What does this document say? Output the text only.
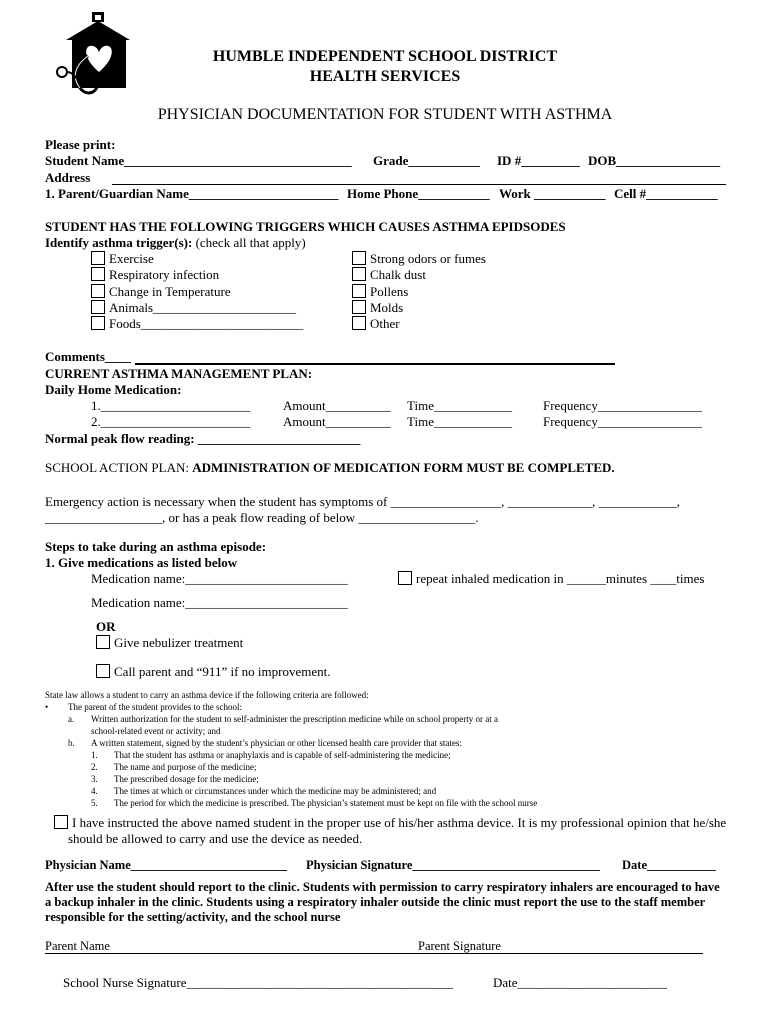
HUMBLE INDEPENDENT SCHOOL DISTRICT
HEALTH SERVICES
PHYSICIAN DOCUMENTATION FOR STUDENT WITH ASTHMA
Please print:
Student Name___________________________________ Grade___________ ID #_________ DOB________________
Address
1. Parent/Guardian Name_______________________ Home Phone___________ Work ___________ Cell #___________
STUDENT HAS THE FOLLOWING TRIGGERS WHICH CAUSES ASTHMA EPIDSODES
Identify asthma trigger(s): (check all that apply)
Exercise
Respiratory infection
Change in Temperature
Animals______________________
Foods_________________________
Strong odors or fumes
Chalk dust
Pollens
Molds
Other
Comments____
CURRENT ASTHMA MANAGEMENT PLAN:
Daily Home Medication:
1._______________________	Amount__________ Time____________ Frequency________________
2._______________________	Amount__________ Time____________ Frequency________________
Normal peak flow reading: _________________________
SCHOOL ACTION PLAN: ADMINISTRATION OF MEDICATION FORM MUST BE COMPLETED.
Emergency action is necessary when the student has symptoms of _________________, _____________, ____________,
__________________, or has a peak flow reading of below __________________.
Steps to take during an asthma episode:
1. Give medications as listed below
Medication name:_________________________	repeat inhaled medication in ______minutes ____times
Medication name:_________________________
OR
Give nebulizer treatment
Call parent and “911” if no improvement.
State law allows a student to carry an asthma device if the following criteria are followed:
• The parent of the student provides to the school:
a. Written authorization for the student to self-administer the prescription medicine while on school property or at a
school-related event or activity; and
b. A written statement, signed by the student’s physician or other licensed health care provider that states:
1. That the student has asthma or anaphylaxis and is capable of self-administering the medicine;
2. The name and purpose of the medicine;
3. The prescribed dosage for the medicine;
4. The times at which or circumstances under which the medicine may be administered; and
5. The period for which the medicine is prescribed. The physician’s statement must be kept on file with the school nurse
I have instructed the above named student in the proper use of his/her asthma device. It is my professional opinion that he/she
should be allowed to carry and use the device as needed.
Physician Name_________________________ Physician Signature______________________________ Date___________
After use the student should report to the clinic. Students with permission to carry respiratory inhalers are encouraged to have
a backup inhaler in the clinic. Students using a respiratory inhaler outside the clinic must report the use to the staff member
responsible for the setting/activity, and the school nurse
Parent Name	Parent Signature
School Nurse Signature_________________________________________	Date_______________________
